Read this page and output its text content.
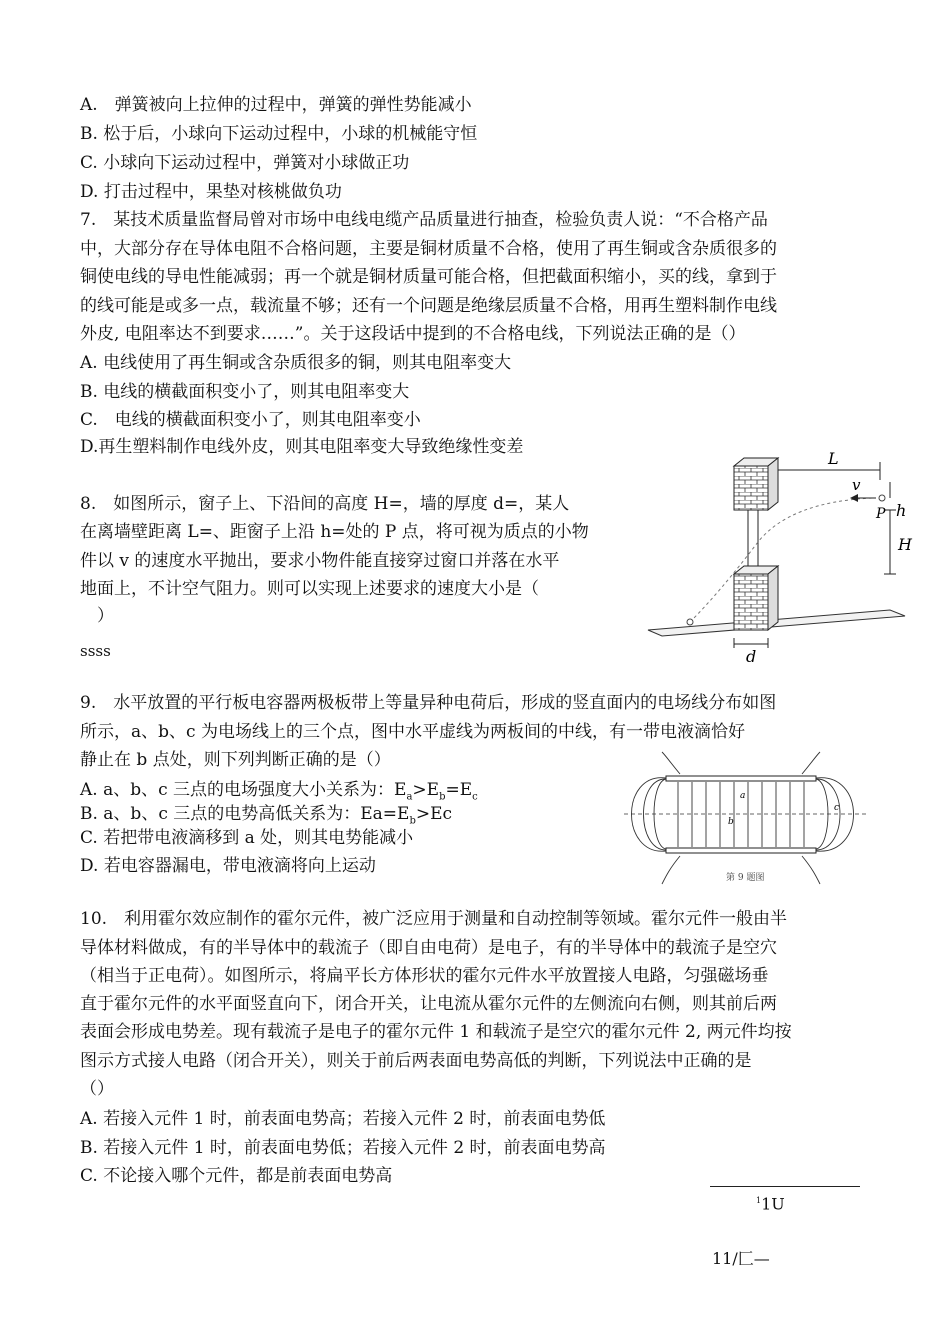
A.　弹簧被向上拉伸的过程中，弹簧的弹性势能减小
B. 松于后，小球向下运动过程中，小球的机械能守恒
C. 小球向下运动过程中，弹簧对小球做正功
D. 打击过程中，果垫对核桃做负功
7.　某技术质量监督局曾对市场中电线电缆产品质量进行抽查，检验负责人说：“不合格产品
中，大部分存在导体电阻不合格问题，主要是铜材质量不合格，使用了再生铜或含杂质很多的
铜使电线的导电性能减弱；再一个就是铜材质量可能合格，但把截面积缩小，买的线，拿到于
的线可能是或多一点，载流量不够；还有一个问题是绝缘层质量不合格，用再生塑料制作电线
外皮, 电阻率达不到要求……”。关于这段话中提到的不合格电线，下列说法正确的是（）
A. 电线使用了再生铜或含杂质很多的铜，则其电阻率变大
B. 电线的横截面积变小了，则其电阻率变大
C.　电线的横截面积变小了，则其电阻率变小
D.再生塑料制作电线外皮，则其电阻率变大导致绝缘性变差
8.　如图所示，窗子上、下沿间的高度 H=，墙的厚度 d=，某人
在离墙壁距离 L=、距窗子上沿 h=处的 P 点，将可视为质点的小物
件以 v 的速度水平抛出，要求小物件能直接穿过窗口并落在水平
地面上，不计空气阻力。则可以实现上述要求的速度大小是（
　）
ssss
L
v
P h
H
d
9.　水平放置的平行板电容器两极板带上等量异种电荷后，形成的竖直面内的电场线分布如图
所示，a、b、c 为电场线上的三个点，图中水平虚线为两板间的中线，有一带电液滴恰好
静止在 b 点处，则下列判断正确的是（）
A. a、b、c 三点的电场强度大小关系为：$E_a>E_b=E_c$
B. a、b、c 三点的电势高低关系为：$Ea=E_b>Ec$
C. 若把带电液滴移到 a 处，则其电势能减小
D. 若电容器漏电，带电液滴将向上运动
a
b
c
第 9 题图
10.　利用霍尔效应制作的霍尔元件，被广泛应用于测量和自动控制等领域。霍尔元件一般由半
导体材料做成，有的半导体中的载流子（即自由电荷）是电子，有的半导体中的载流子是空穴
（相当于正电荷）。如图所示，将扁平长方体形状的霍尔元件水平放置接人电路，匀强磁场垂
直于霍尔元件的水平面竖直向下，闭合开关，让电流从霍尔元件的左侧流向右侧，则其前后两
表面会形成电势差。现有载流子是电子的霍尔元件 1 和载流子是空穴的霍尔元件 2, 两元件均按
图示方式接人电路（闭合开关），则关于前后两表面电势高低的判断，下列说法中正确的是
（）
A. 若接入元件 1 时，前表面电势高；若接入元件 2 时，前表面电势低
B. 若接入元件 1 时，前表面电势低；若接入元件 2 时，前表面电势高
C. 不论接入哪个元件，都是前表面电势高
$^1$1U
11/匚—
